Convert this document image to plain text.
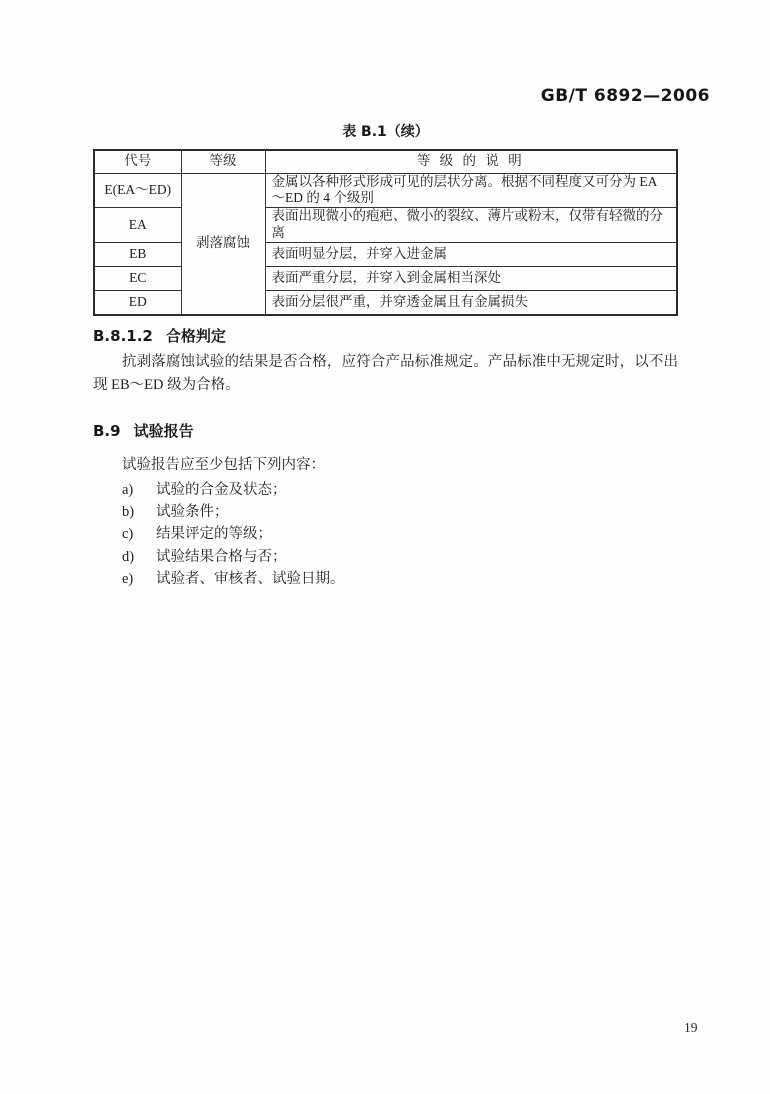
GB/T 6892—2006
表 B.1（续）
代号	等级	等 级 的 说 明
E(EA～ED)	剥落腐蚀	金属以各种形式形成可见的层状分离。根据不同程度又可分为 EA～ED 的 4 个级别
EA		表面出现微小的疱疤、微小的裂纹、薄片或粉末，仅带有轻微的分离
EB		表面明显分层，并穿入进金属
EC		表面严重分层，并穿入到金属相当深处
ED		表面分层很严重，并穿透金属且有金属损失
B.8.1.2 合格判定

抗剥落腐蚀试验的结果是否合格，应符合产品标准规定。产品标准中无规定时，以不出现 EB～ED 级为合格。

B.9 试验报告

试验报告应至少包括下列内容：

a)	试验的合金及状态；
b)	试验条件；
c)	结果评定的等级；
d)	试验结果合格与否；
e)	试验者、审核者、试验日期。
19
